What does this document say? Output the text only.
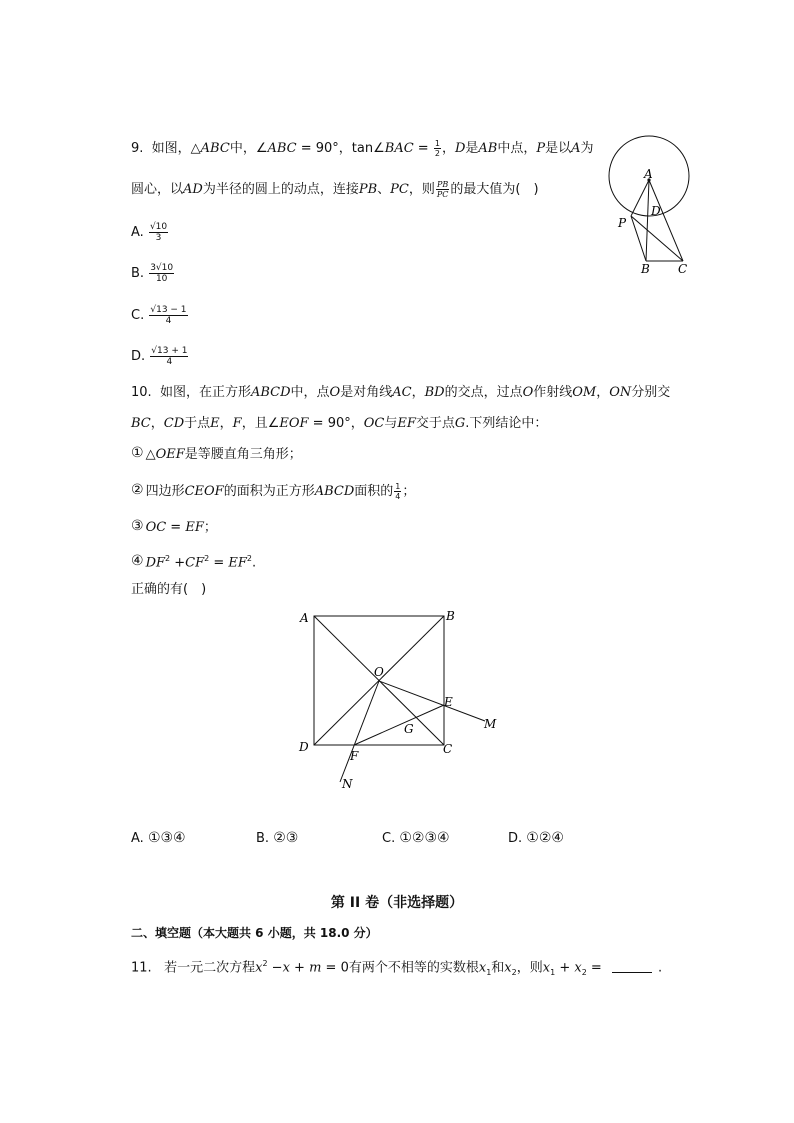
9.  如图，△ABC中，∠ABC = 90°，tan∠BAC = $\frac{1}{2}$ ，D是AB中点，P是以A为
圆心，以AD为半径的圆上的动点，连接PB、PC，则 $\frac{PB}{PC}$ 的最大值为(　)
A. $\frac{√10}{3}$
B. $\frac{3√10}{10}$
C. $\frac{√13 - 1}{4}$
D. $\frac{√13 + 1}{4}$
A
D
P
B C
10.  如图，在正方形ABCD中，点O是对角线AC，BD的交点，过点O作射线OM，ON分别交
BC，CD于点E，F，且∠EOF = 90°，OC与EF交于点G.下列结论中：
① △OEF是等腰直角三角形；
② 四边形CEOF的面积为正方形ABCD面积的 $\frac{1}{4}$ ；
③ OC = EF；
④ $DF^2 +CF^2 = EF^2$.
正确的有(　)
A	B
O
E
M
G
D
F	C
N
A. ①③④	B. ②③	C. ①②③④	D. ①②④
第 II 卷（非选择题）
二、填空题（本大题共 6 小题，共 18.0 分）
11.   若一元二次方程$x^2 -x + m = 0$有两个不相等的实数根$x_1$和$x_2$，则$x_1 + x_2$ =	.
